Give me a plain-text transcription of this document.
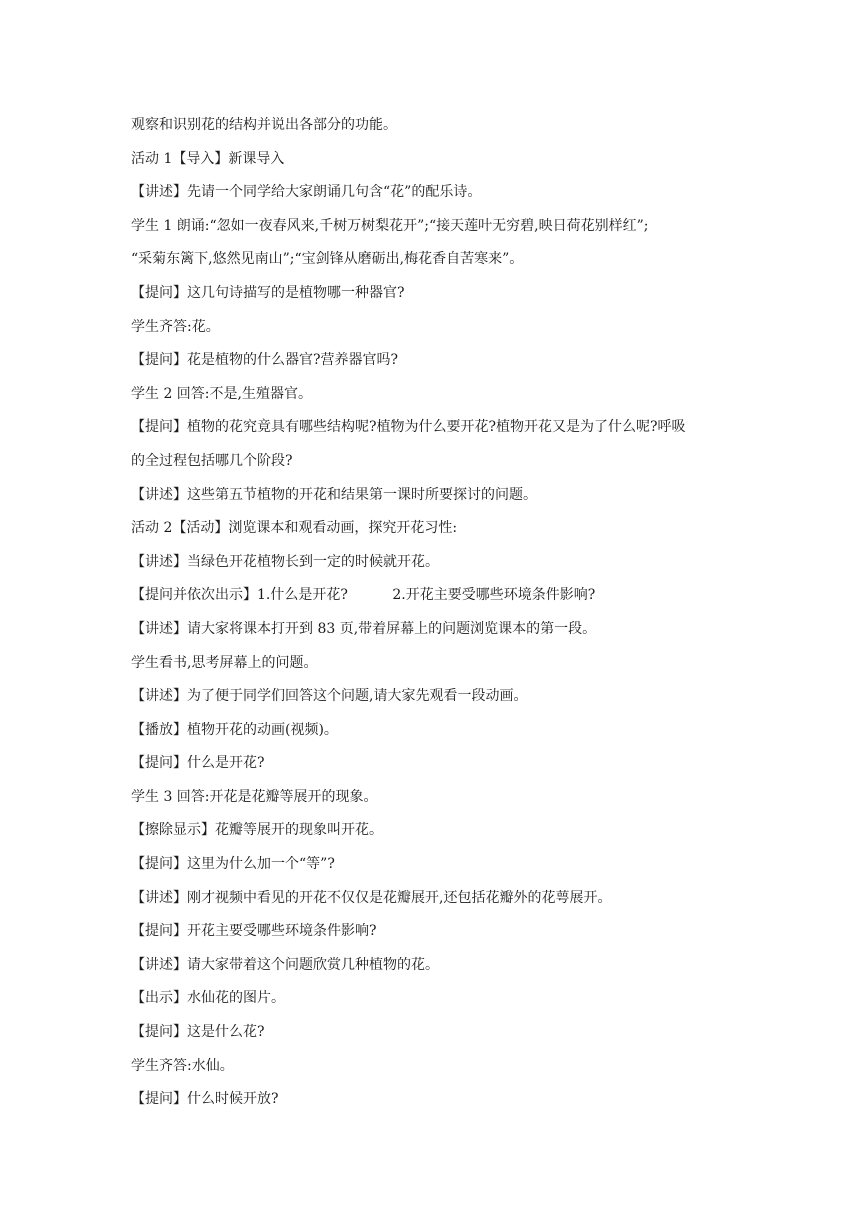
观察和识别花的结构并说出各部分的功能。
活动 1【导入】新课导入
【讲述】先请一个同学给大家朗诵几句含“花”的配乐诗。
学生 1 朗诵:“忽如一夜春风来,千树万树梨花开”;“接天莲叶无穷碧,映日荷花别样红”;
“采菊东篱下,悠然见南山”;“宝剑锋从磨砺出,梅花香自苦寒来”。
【提问】这几句诗描写的是植物哪一种器官?
学生齐答:花。
【提问】花是植物的什么器官?营养器官吗?
学生 2 回答:不是,生殖器官。
【提问】植物的花究竟具有哪些结构呢?植物为什么要开花?植物开花又是为了什么呢?呼吸
的全过程包括哪几个阶段?
【讲述】这些第五节植物的开花和结果第一课时所要探讨的问题。
活动 2【活动】浏览课本和观看动画，探究开花习性:
【讲述】当绿色开花植物长到一定的时候就开花。
【提问并依次出示】1.什么是开花?          2.开花主要受哪些环境条件影响?
【讲述】请大家将课本打开到 83 页,带着屏幕上的问题浏览课本的第一段。
学生看书,思考屏幕上的问题。
【讲述】为了便于同学们回答这个问题,请大家先观看一段动画。
【播放】植物开花的动画(视频)。
【提问】什么是开花?
学生 3 回答:开花是花瓣等展开的现象。
【擦除显示】花瓣等展开的现象叫开花。
【提问】这里为什么加一个“等”?
【讲述】刚才视频中看见的开花不仅仅是花瓣展开,还包括花瓣外的花萼展开。
【提问】开花主要受哪些环境条件影响?
【讲述】请大家带着这个问题欣赏几种植物的花。
【出示】水仙花的图片。
【提问】这是什么花?
学生齐答:水仙。
【提问】什么时候开放?
